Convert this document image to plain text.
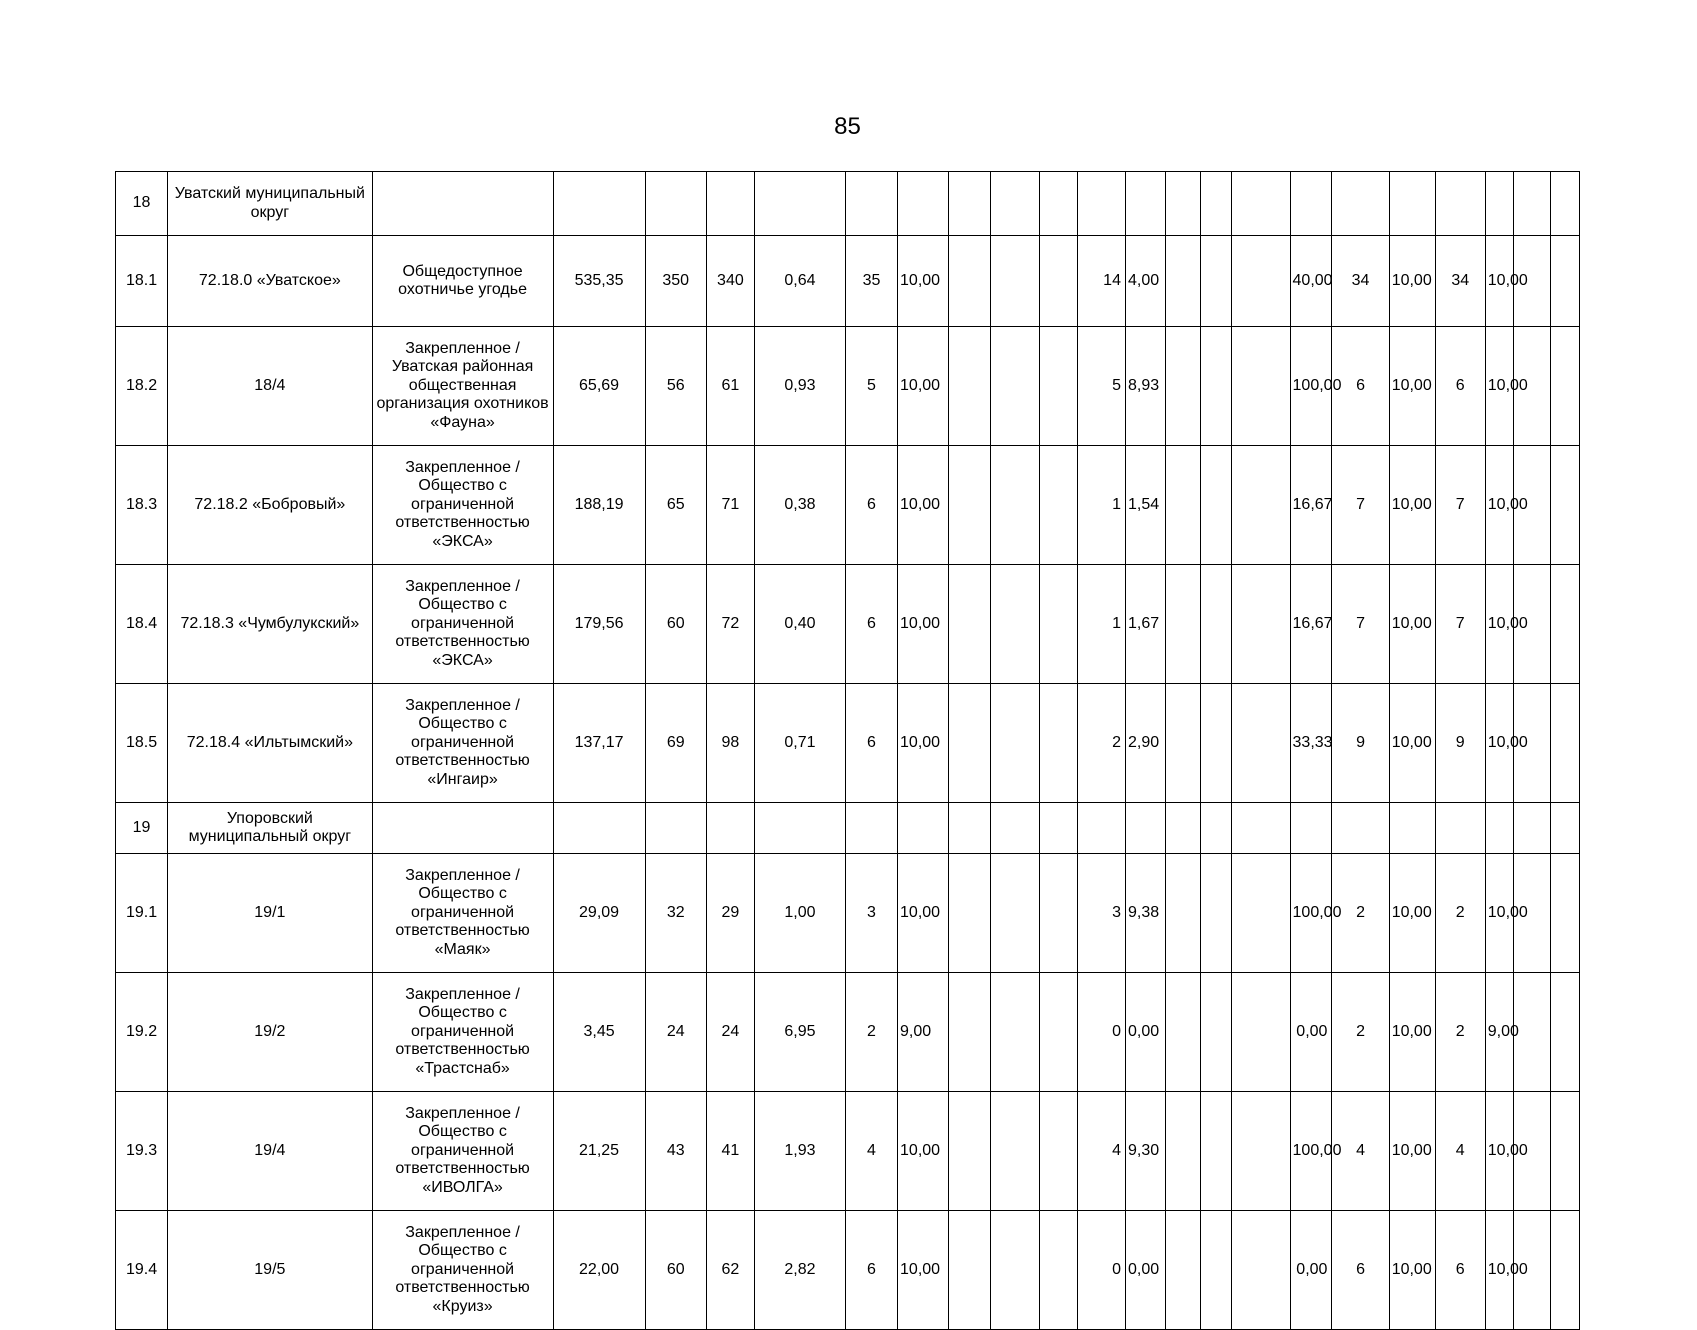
85
18	Уватский муниципальный округ																						
18.1	72.18.0 «Уватское»	Общедоступное охотничье угодье	535,35	350	340	0,64	35	10,00				14	4,00				40,00	34	10,00	34	10,00		
18.2	18/4	Закрепленное / Уватская районная общественная организация охотников «Фауна»	65,69	56	61	0,93	5	10,00				5	8,93				100,00	6	10,00	6	10,00		
18.3	72.18.2 «Бобровый»	Закрепленное / Общество с ограниченной ответственностью «ЭКСА»	188,19	65	71	0,38	6	10,00				1	1,54				16,67	7	10,00	7	10,00		
18.4	72.18.3 «Чумбулукский»	Закрепленное / Общество с ограниченной ответственностью «ЭКСА»	179,56	60	72	0,40	6	10,00				1	1,67				16,67	7	10,00	7	10,00		
18.5	72.18.4 «Ильтымский»	Закрепленное / Общество с ограниченной ответственностью «Ингаир»	137,17	69	98	0,71	6	10,00				2	2,90				33,33	9	10,00	9	10,00		
19	Упоровский муниципальный округ																						
19.1	19/1	Закрепленное / Общество с ограниченной ответственностью «Маяк»	29,09	32	29	1,00	3	10,00				3	9,38				100,00	2	10,00	2	10,00		
19.2	19/2	Закрепленное / Общество с ограниченной ответственностью «Трастснаб»	3,45	24	24	6,95	2	9,00				0	0,00				0,00	2	10,00	2	9,00		
19.3	19/4	Закрепленное / Общество с ограниченной ответственностью «ИВОЛГА»	21,25	43	41	1,93	4	10,00				4	9,30				100,00	4	10,00	4	10,00		
19.4	19/5	Закрепленное / Общество с ограниченной ответственностью «Круиз»	22,00	60	62	2,82	6	10,00				0	0,00				0,00	6	10,00	6	10,00		
